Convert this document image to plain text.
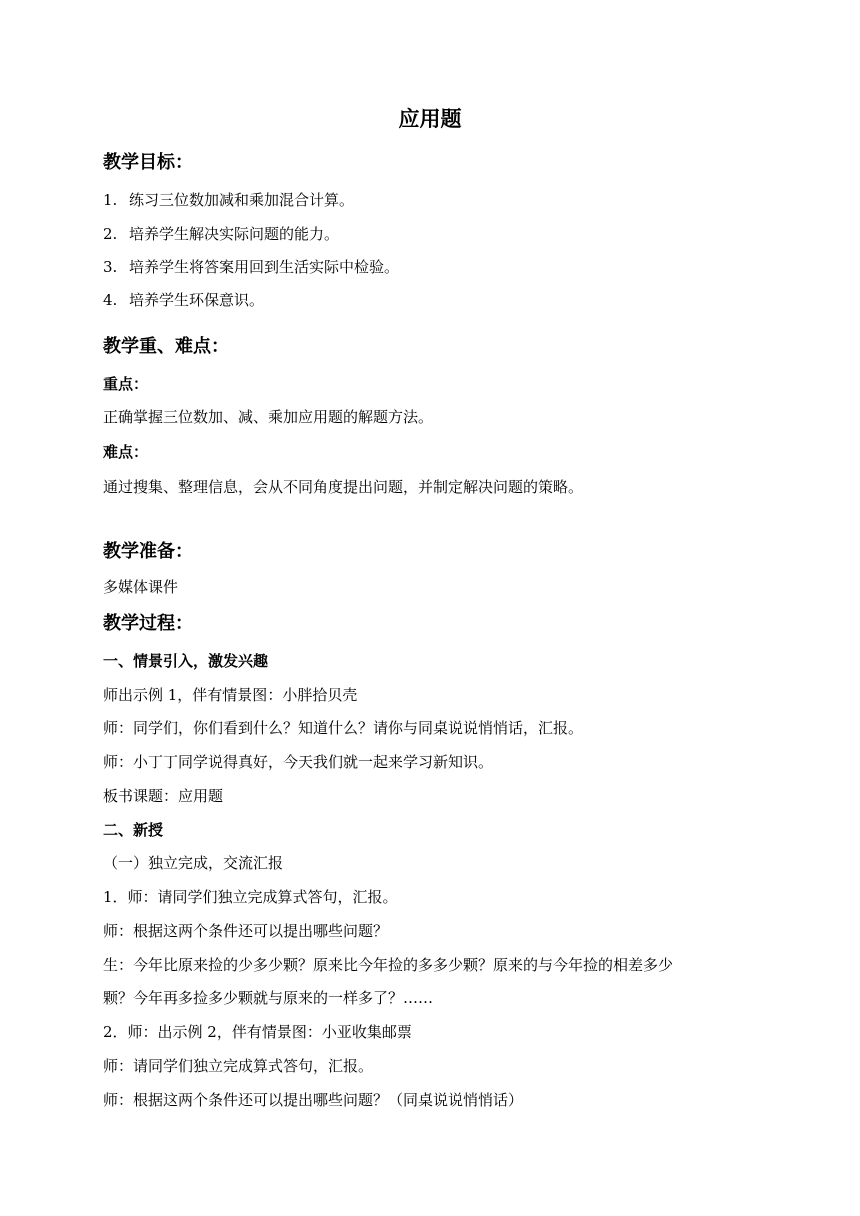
应用题
教学目标：
1. 练习三位数加减和乘加混合计算。
2. 培养学生解决实际问题的能力。
3. 培养学生将答案用回到生活实际中检验。
4. 培养学生环保意识。
教学重、难点：
重点：
正确掌握三位数加、减、乘加应用题的解题方法。
难点：
通过搜集、整理信息，会从不同角度提出问题，并制定解决问题的策略。
教学准备：
多媒体课件
教学过程：
一、情景引入，激发兴趣
师出示例 1，伴有情景图：小胖拾贝壳
师：同学们，你们看到什么？知道什么？请你与同桌说说悄悄话，汇报。
师：小丁丁同学说得真好，今天我们就一起来学习新知识。
板书课题：应用题
二、新授
（一）独立完成，交流汇报
1．师：请同学们独立完成算式答句，汇报。
师：根据这两个条件还可以提出哪些问题？
生：今年比原来捡的少多少颗？原来比今年捡的多多少颗？原来的与今年捡的相差多少
颗？今年再多捡多少颗就与原来的一样多了？……
2．师：出示例 2，伴有情景图：小亚收集邮票
师：请同学们独立完成算式答句，汇报。
师：根据这两个条件还可以提出哪些问题？（同桌说说悄悄话）
